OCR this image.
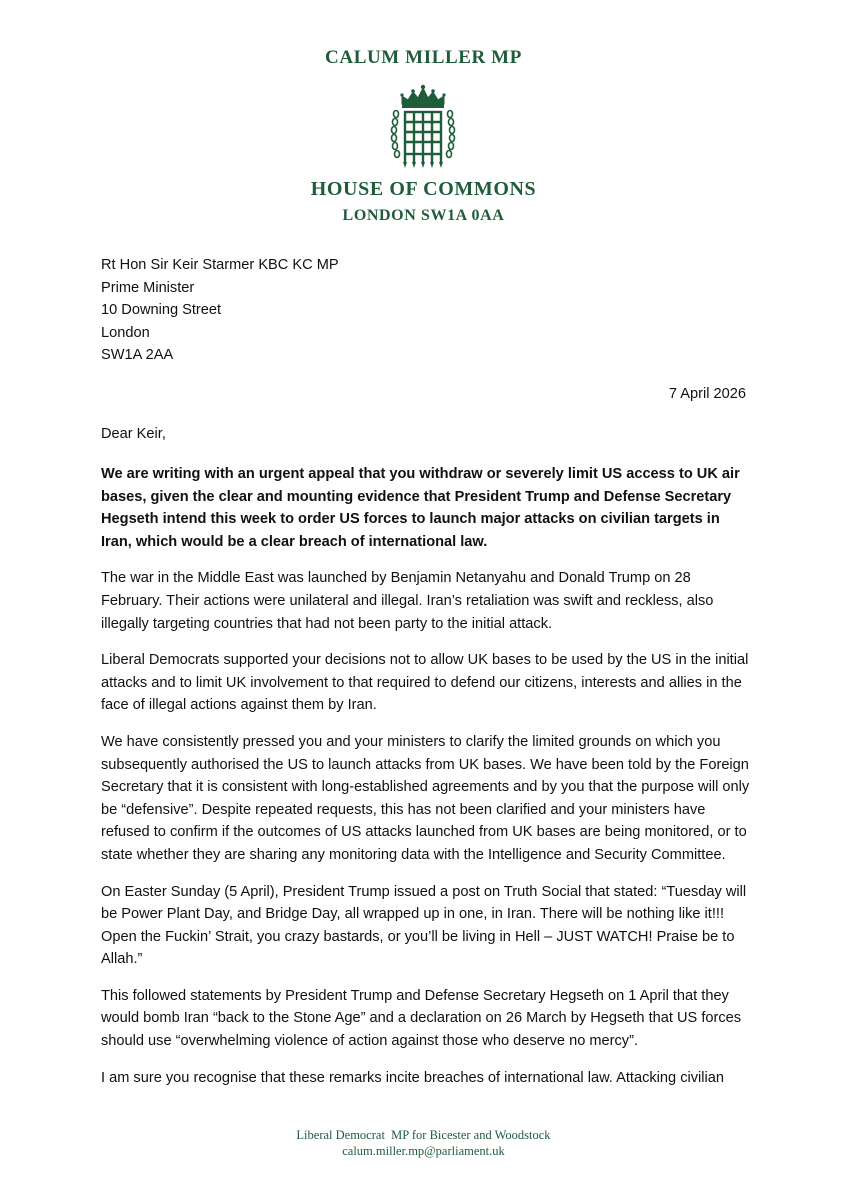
CALUM MILLER MP
HOUSE OF COMMONS
LONDON SW1A 0AA
Rt Hon Sir Keir Starmer KBC KC MP
Prime Minister
10 Downing Street
London
SW1A 2AA
7 April 2026
Dear Keir,

We are writing with an urgent appeal that you withdraw or severely limit US access to UK air bases, given the clear and mounting evidence that President Trump and Defense Secretary Hegseth intend this week to order US forces to launch major attacks on civilian targets in Iran, which would be a clear breach of international law.

The war in the Middle East was launched by Benjamin Netanyahu and Donald Trump on 28 February. Their actions were unilateral and illegal. Iran’s retaliation was swift and reckless, also illegally targeting countries that had not been party to the initial attack.

Liberal Democrats supported your decisions not to allow UK bases to be used by the US in the initial attacks and to limit UK involvement to that required to defend our citizens, interests and allies in the face of illegal actions against them by Iran.

We have consistently pressed you and your ministers to clarify the limited grounds on which you subsequently authorised the US to launch attacks from UK bases. We have been told by the Foreign Secretary that it is consistent with long-established agreements and by you that the purpose will only be “defensive”. Despite repeated requests, this has not been clarified and your ministers have refused to confirm if the outcomes of US attacks launched from UK bases are being monitored, or to state whether they are sharing any monitoring data with the Intelligence and Security Committee.

On Easter Sunday (5 April), President Trump issued a post on Truth Social that stated: “Tuesday will be Power Plant Day, and Bridge Day, all wrapped up in one, in Iran. There will be nothing like it!!! Open the Fuckin’ Strait, you crazy bastards, or you’ll be living in Hell – JUST WATCH! Praise be to Allah.”

This followed statements by President Trump and Defense Secretary Hegseth on 1 April that they would bomb Iran “back to the Stone Age” and a declaration on 26 March by Hegseth that US forces should use “overwhelming violence of action against those who deserve no mercy”.

I am sure you recognise that these remarks incite breaches of international law. Attacking civilian

Liberal Democrat  MP for Bicester and Woodstock
calum.miller.mp@parliament.uk
